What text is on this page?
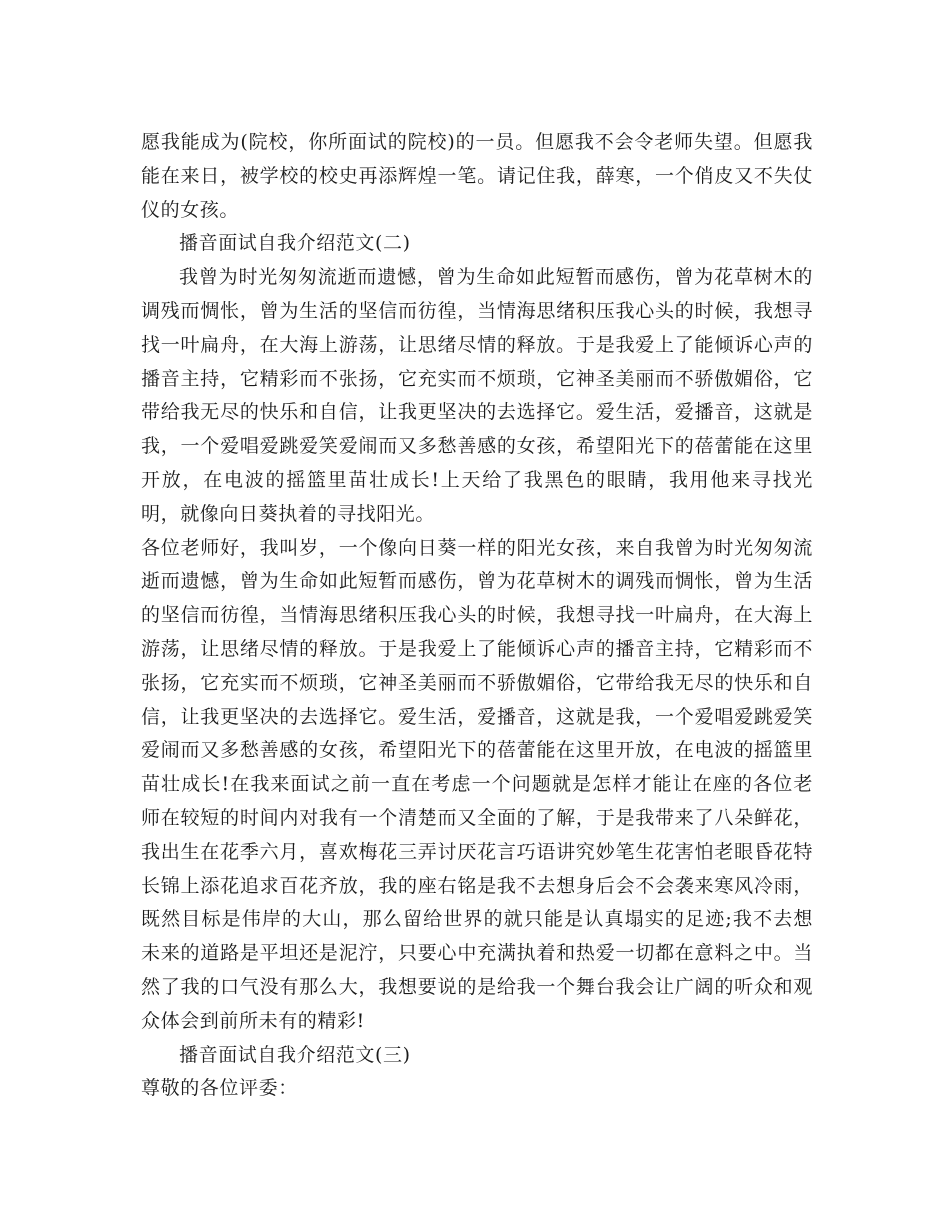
愿我能成为(院校，你所面试的院校)的一员。但愿我不会令老师失望。但愿我能在来日，被学校的校史再添辉煌一笔。请记住我，薛寒，一个俏皮又不失仗仪的女孩。

播音面试自我介绍范文(二)

我曾为时光匆匆流逝而遗憾，曾为生命如此短暂而感伤，曾为花草树木的调残而惆怅，曾为生活的坚信而彷徨，当情海思绪积压我心头的时候，我想寻找一叶扁舟，在大海上游荡，让思绪尽情的释放。于是我爱上了能倾诉心声的播音主持，它精彩而不张扬，它充实而不烦琐，它神圣美丽而不骄傲媚俗，它带给我无尽的快乐和自信，让我更坚决的去选择它。爱生活，爱播音，这就是我，一个爱唱爱跳爱笑爱闹而又多愁善感的女孩，希望阳光下的蓓蕾能在这里开放，在电波的摇篮里苗壮成长!上天给了我黑色的眼睛，我用他来寻找光明，就像向日葵执着的寻找阳光。

各位老师好，我叫岁，一个像向日葵一样的阳光女孩，来自我曾为时光匆匆流逝而遗憾，曾为生命如此短暂而感伤，曾为花草树木的调残而惆怅，曾为生活的坚信而彷徨，当情海思绪积压我心头的时候，我想寻找一叶扁舟，在大海上游荡，让思绪尽情的释放。于是我爱上了能倾诉心声的播音主持，它精彩而不张扬，它充实而不烦琐，它神圣美丽而不骄傲媚俗，它带给我无尽的快乐和自信，让我更坚决的去选择它。爱生活，爱播音，这就是我，一个爱唱爱跳爱笑爱闹而又多愁善感的女孩，希望阳光下的蓓蕾能在这里开放，在电波的摇篮里苗壮成长!在我来面试之前一直在考虑一个问题就是怎样才能让在座的各位老师在较短的时间内对我有一个清楚而又全面的了解，于是我带来了八朵鲜花，我出生在花季六月，喜欢梅花三弄讨厌花言巧语讲究妙笔生花害怕老眼昏花特长锦上添花追求百花齐放，我的座右铭是我不去想身后会不会袭来寒风冷雨，既然目标是伟岸的大山，那么留给世界的就只能是认真塌实的足迹;我不去想未来的道路是平坦还是泥泞，只要心中充满执着和热爱一切都在意料之中。当然了我的口气没有那么大，我想要说的是给我一个舞台我会让广阔的听众和观众体会到前所未有的精彩!

播音面试自我介绍范文(三)

尊敬的各位评委：
